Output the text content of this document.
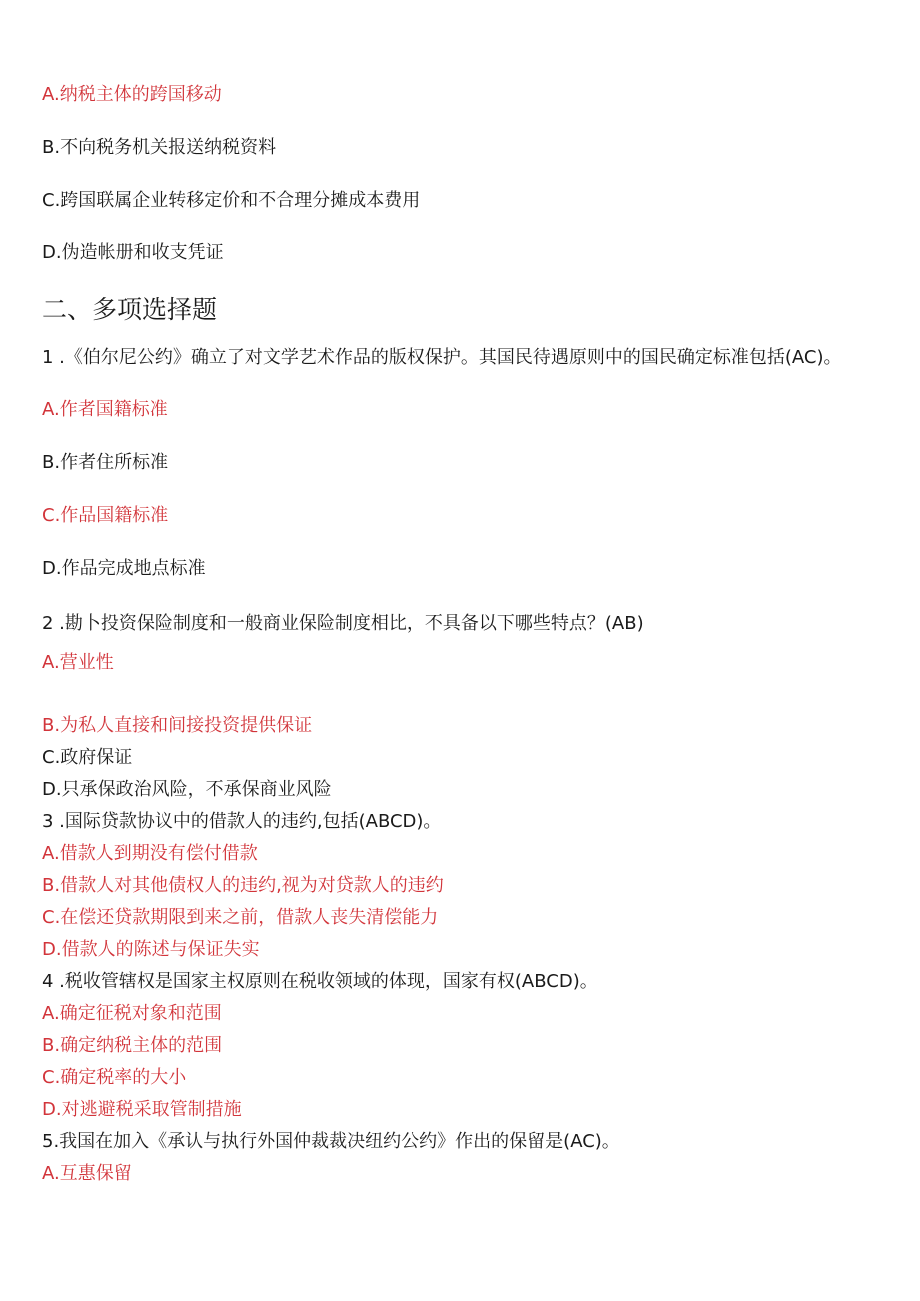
A.纳税主体的跨国移动

B.不向税务机关报送纳税资料

C.跨国联属企业转移定价和不合理分摊成本费用

D.伪造帐册和收支凭证

二、多项选择题

1 .《伯尔尼公约》确立了对文学艺术作品的版权保护。其国民待遇原则中的国民确定标准包括(AC)。

A.作者国籍标准

B.作者住所标准

C.作品国籍标准

D.作品完成地点标准

2 .勘卜投资保险制度和一般商业保险制度相比，不具备以下哪些特点？(AB)

A.营业性

B.为私人直接和间接投资提供保证

C.政府保证

D.只承保政治风险，不承保商业风险

3 .国际贷款协议中的借款人的违约,包括(ABCD)。

A.借款人到期没有偿付借款

B.借款人对其他债权人的违约,视为对贷款人的违约

C.在偿还贷款期限到来之前，借款人丧失清偿能力

D.借款人的陈述与保证失实

4 .税收管辖权是国家主权原则在税收领域的体现，国家有权(ABCD)。

A.确定征税对象和范围

B.确定纳税主体的范围

C.确定税率的大小

D.对逃避税采取管制措施

5.我国在加入《承认与执行外国仲裁裁决纽约公约》作出的保留是(AC)。

A.互惠保留
